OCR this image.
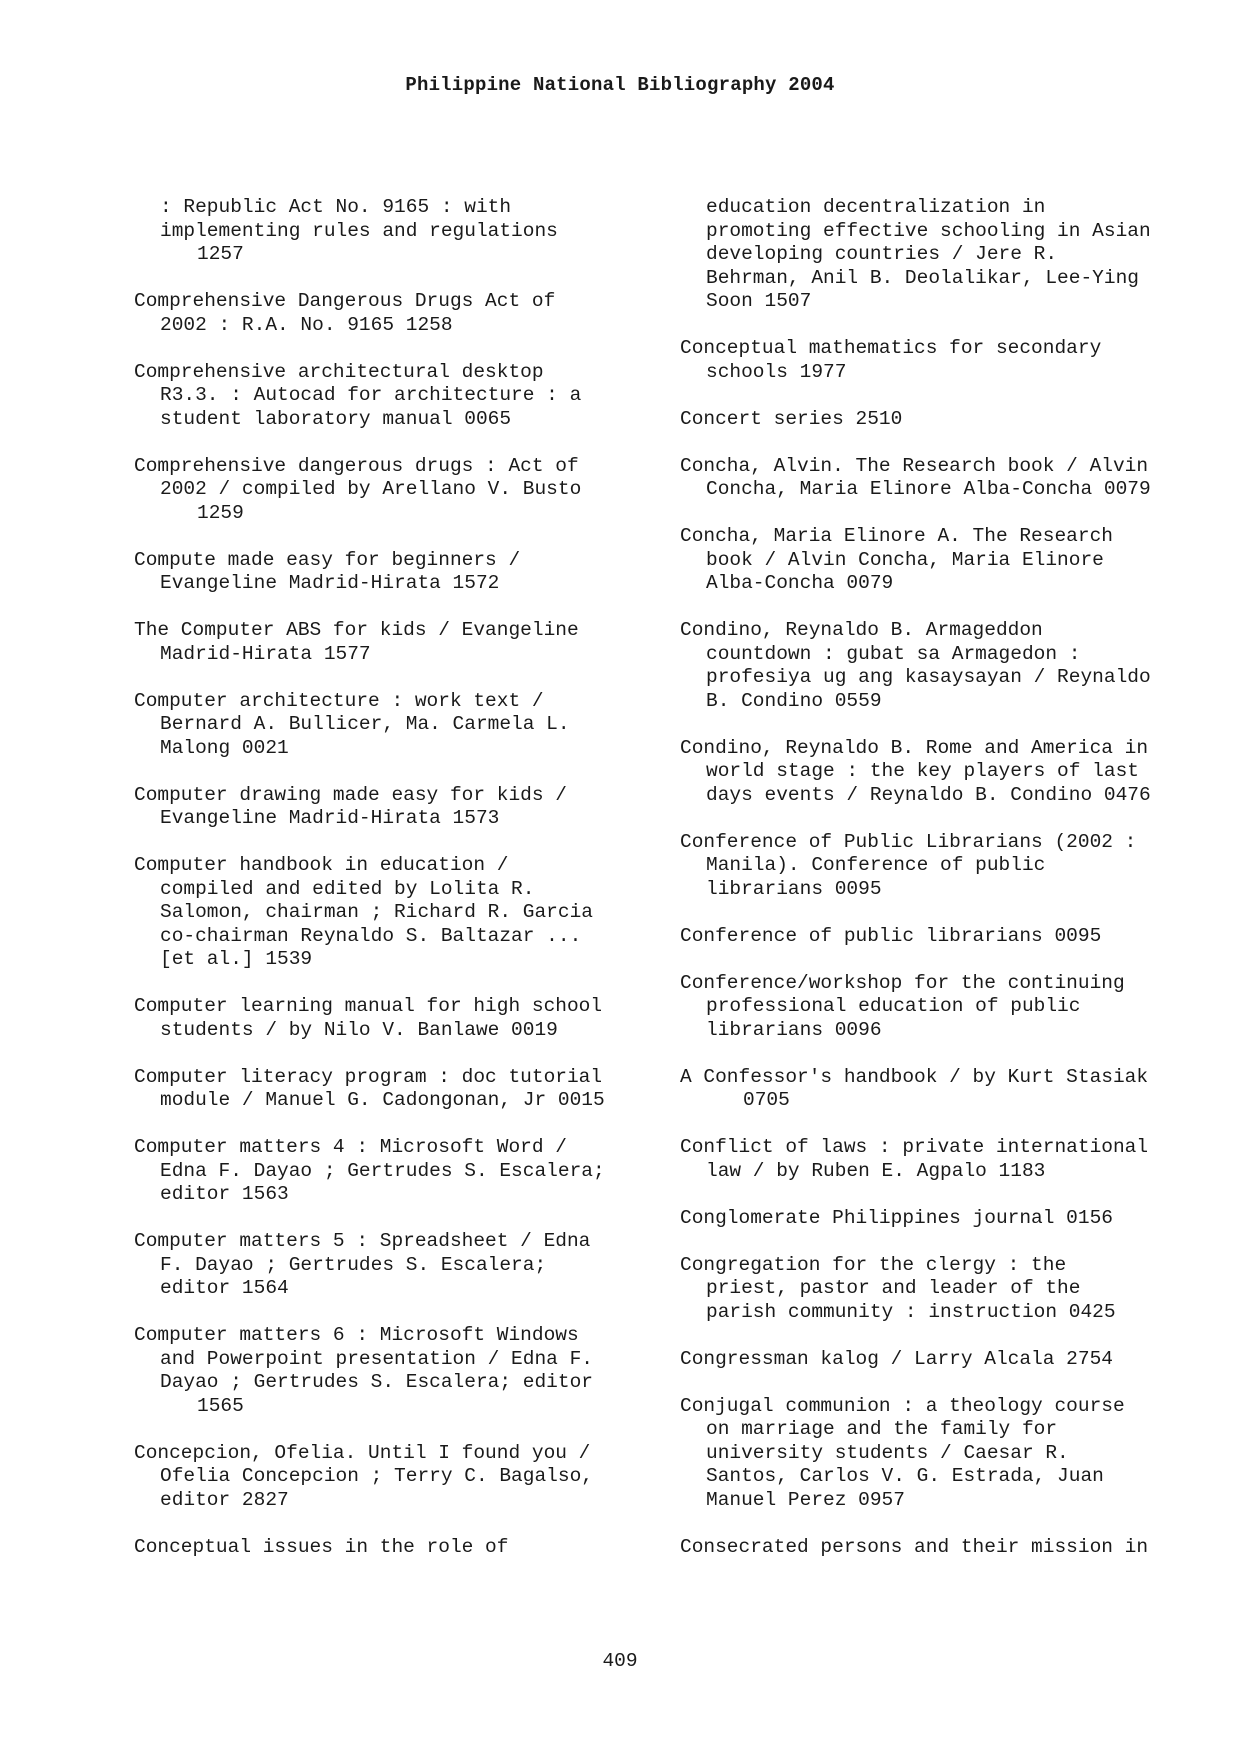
Philippine National Bibliography 2004
: Republic Act No. 9165 : with
implementing rules and regulations
1257
Comprehensive Dangerous Drugs Act of
2002 : R.A. No. 9165 1258
Comprehensive architectural desktop
R3.3. : Autocad for architecture : a
student laboratory manual 0065
Comprehensive dangerous drugs : Act of
2002 / compiled by Arellano V. Busto
1259
Compute made easy for beginners /
Evangeline Madrid-Hirata 1572
The Computer ABS for kids / Evangeline
Madrid-Hirata 1577
Computer architecture : work text /
Bernard A. Bullicer, Ma. Carmela L.
Malong 0021
Computer drawing made easy for kids /
Evangeline Madrid-Hirata 1573
Computer handbook in education /
compiled and edited by Lolita R.
Salomon, chairman ; Richard R. Garcia
co-chairman Reynaldo S. Baltazar ...
[et al.] 1539
Computer learning manual for high school
students / by Nilo V. Banlawe 0019
Computer literacy program : doc tutorial
module / Manuel G. Cadongonan, Jr 0015
Computer matters 4 : Microsoft Word /
Edna F. Dayao ; Gertrudes S. Escalera;
editor 1563
Computer matters 5 : Spreadsheet / Edna
F. Dayao ; Gertrudes S. Escalera;
editor 1564
Computer matters 6 : Microsoft Windows
and Powerpoint presentation / Edna F.
Dayao ; Gertrudes S. Escalera; editor
1565
Concepcion, Ofelia. Until I found you /
Ofelia Concepcion ; Terry C. Bagalso,
editor 2827
Conceptual issues in the role of
education decentralization in
promoting effective schooling in Asian
developing countries / Jere R.
Behrman, Anil B. Deolalikar, Lee-Ying
Soon 1507
Conceptual mathematics for secondary
schools 1977
Concert series 2510
Concha, Alvin. The Research book / Alvin
Concha, Maria Elinore Alba-Concha 0079
Concha, Maria Elinore A. The Research
book / Alvin Concha, Maria Elinore
Alba-Concha 0079
Condino, Reynaldo B. Armageddon
countdown : gubat sa Armagedon :
profesiya ug ang kasaysayan / Reynaldo
B. Condino 0559
Condino, Reynaldo B. Rome and America in
world stage : the key players of last
days events / Reynaldo B. Condino 0476
Conference of Public Librarians (2002 :
Manila). Conference of public
librarians 0095
Conference of public librarians 0095
Conference/workshop for the continuing
professional education of public
librarians 0096
A Confessor's handbook / by Kurt Stasiak
0705
Conflict of laws : private international
law / by Ruben E. Agpalo 1183
Conglomerate Philippines journal 0156
Congregation for the clergy : the
priest, pastor and leader of the
parish community : instruction 0425
Congressman kalog / Larry Alcala 2754
Conjugal communion : a theology course
on marriage and the family for
university students / Caesar R.
Santos, Carlos V. G. Estrada, Juan
Manuel Perez 0957
Consecrated persons and their mission in
409
